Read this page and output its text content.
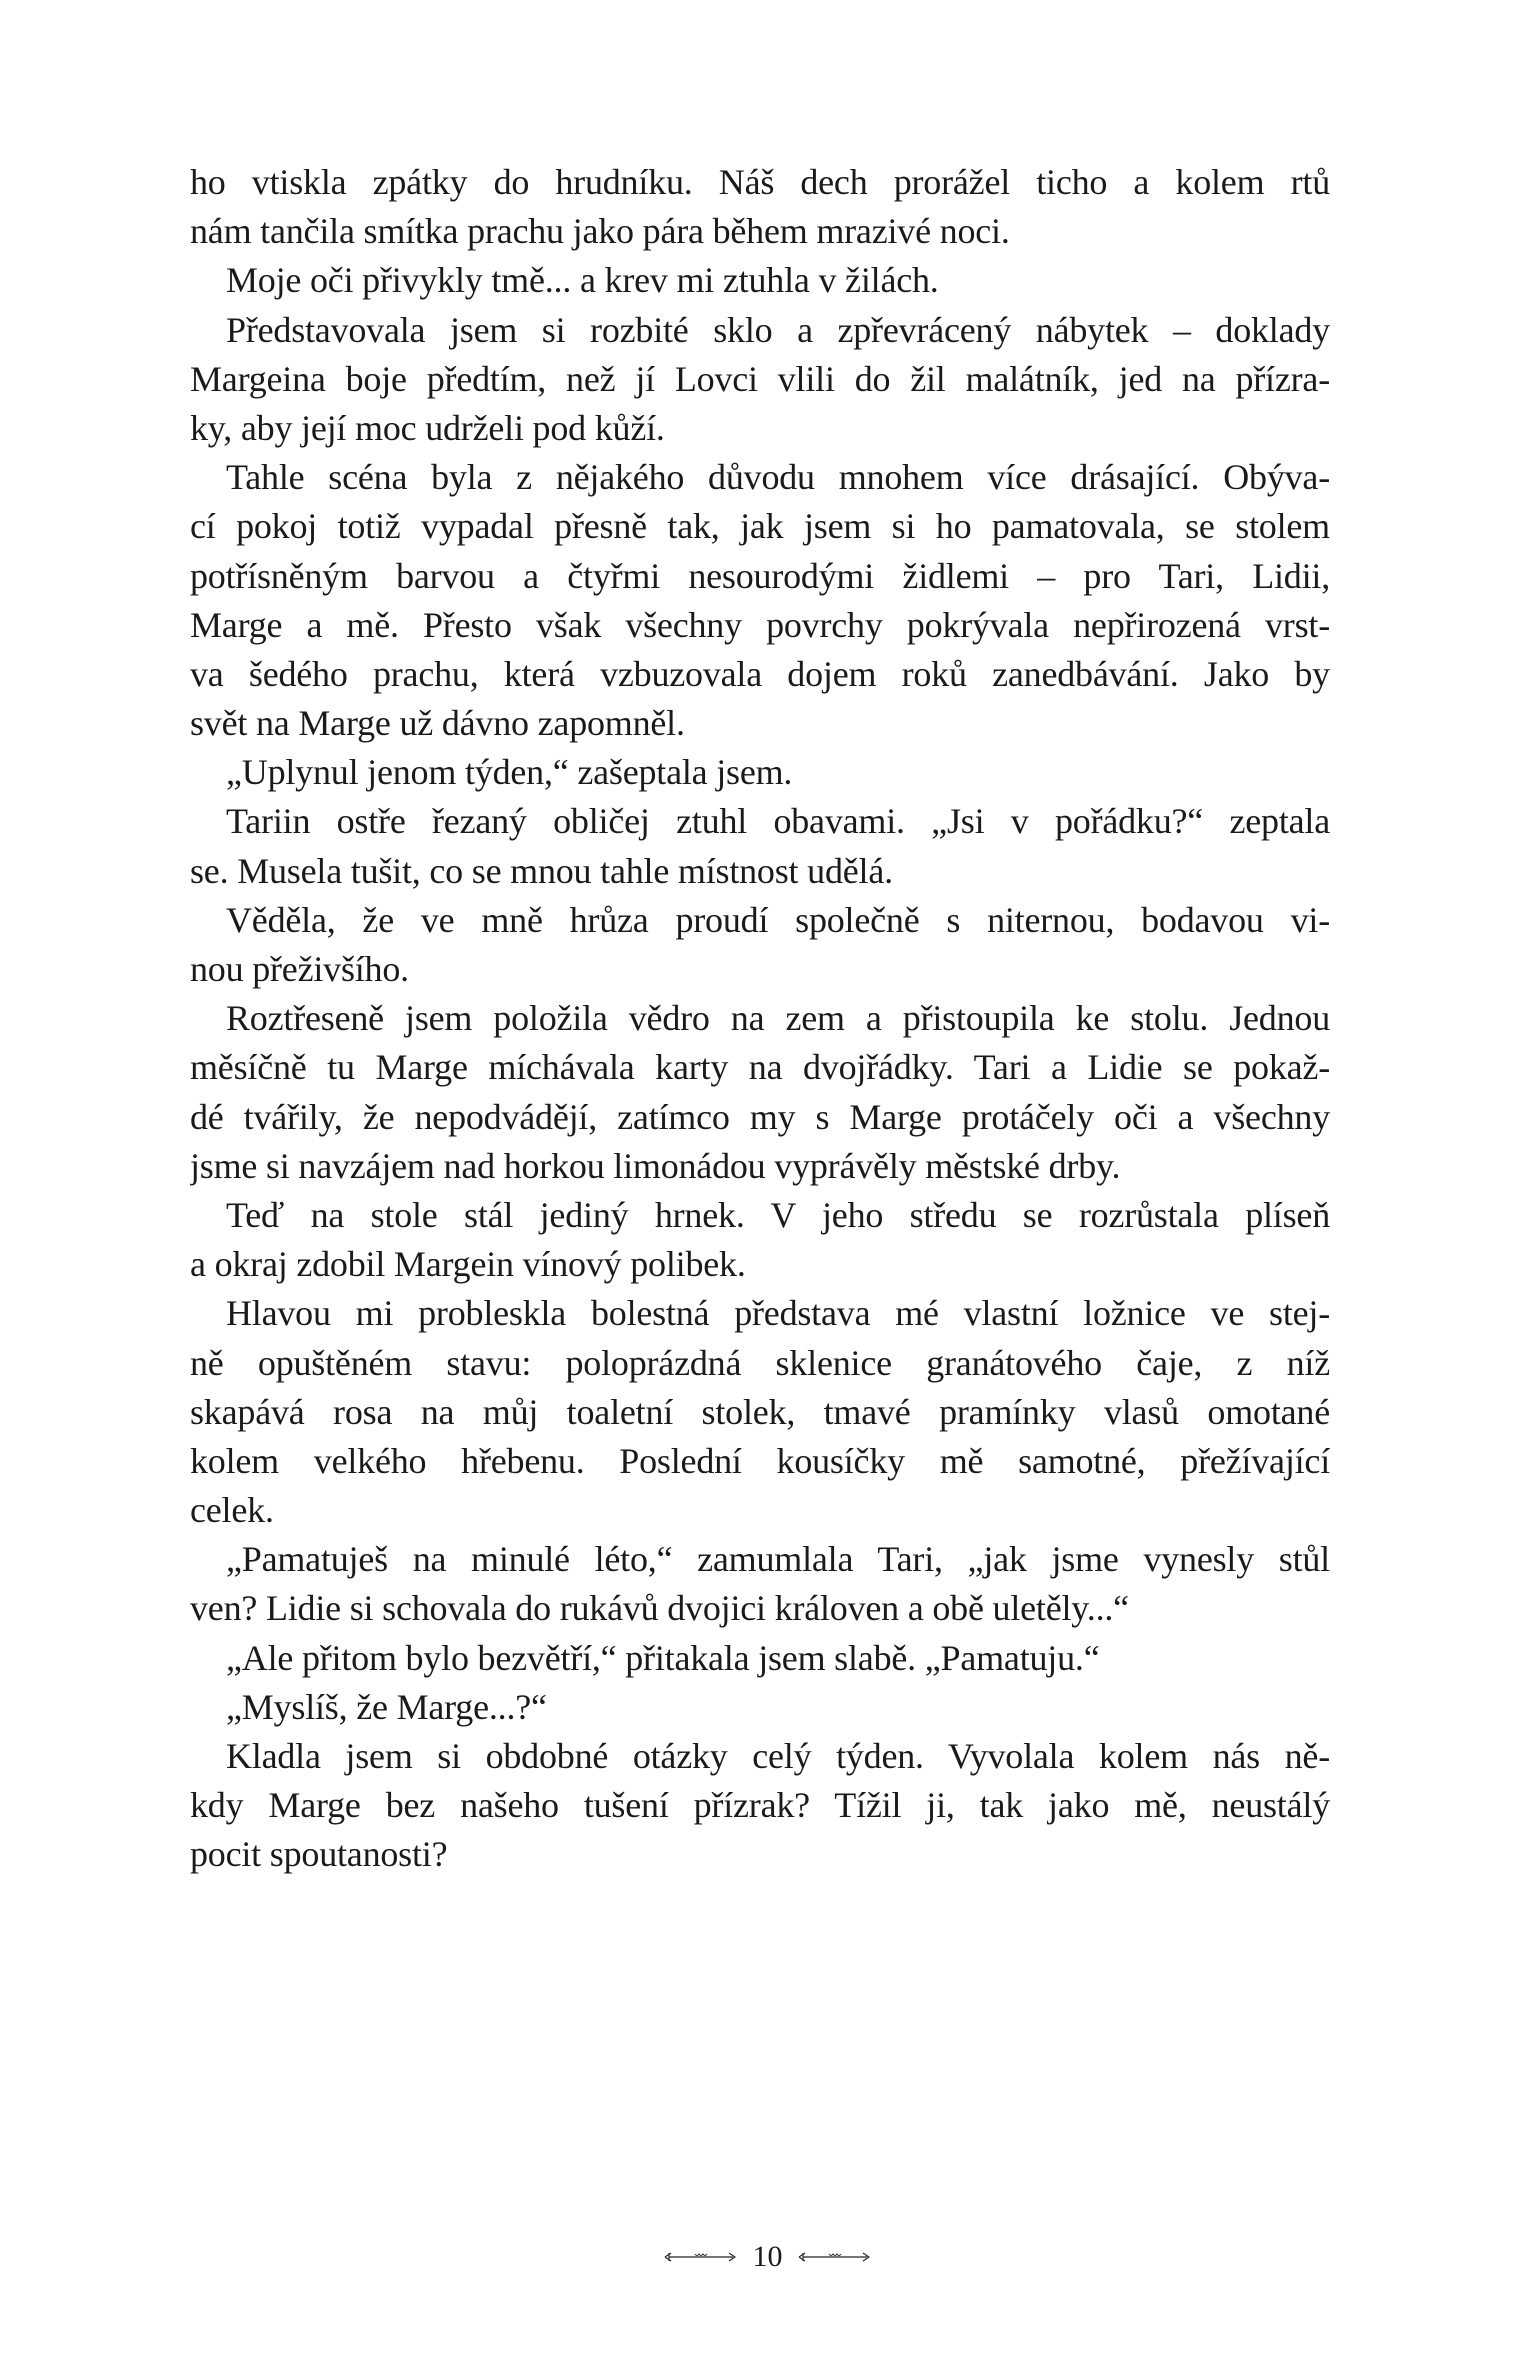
ho vtiskla zpátky do hrudníku. Náš dech prorážel ticho a kolem rtů
nám tančila smítka prachu jako pára během mrazivé noci.
Moje oči přivykly tmě... a krev mi ztuhla v žilách.
Představovala jsem si rozbité sklo a zpřevrácený nábytek – doklady
Margeina boje předtím, než jí Lovci vlili do žil malátník, jed na přízra-
ky, aby její moc udrželi pod kůží.
Tahle scéna byla z nějakého důvodu mnohem více drásající. Obýva-
cí pokoj totiž vypadal přesně tak, jak jsem si ho pamatovala, se stolem
potřísněným barvou a čtyřmi nesourodými židlemi – pro Tari, Lidii,
Marge a mě. Přesto však všechny povrchy pokrývala nepřirozená vrst-
va šedého prachu, která vzbuzovala dojem roků zanedbávání. Jako by
svět na Marge už dávno zapomněl.
„Uplynul jenom týden,“ zašeptala jsem.
Tariin ostře řezaný obličej ztuhl obavami. „Jsi v pořádku?“ zeptala
se. Musela tušit, co se mnou tahle místnost udělá.
Věděla, že ve mně hrůza proudí společně s niternou, bodavou vi-
nou přeživšího.
Roztřeseně jsem položila vědro na zem a přistoupila ke stolu. Jednou
měsíčně tu Marge míchávala karty na dvojřádky. Tari a Lidie se pokaž-
dé tvářily, že nepodvádějí, zatímco my s Marge protáčely oči a všechny
jsme si navzájem nad horkou limonádou vyprávěly městské drby.
Teď na stole stál jediný hrnek. V jeho středu se rozrůstala plíseň
a okraj zdobil Margein vínový polibek.
Hlavou mi probleskla bolestná představa mé vlastní ložnice ve stej-
ně opuštěném stavu: poloprázdná sklenice granátového čaje, z níž
skapává rosa na můj toaletní stolek, tmavé pramínky vlasů omotané
kolem velkého hřebenu. Poslední kousíčky mě samotné, přežívající
celek.
„Pamatuješ na minulé léto,“ zamumlala Tari, „jak jsme vynesly stůl
ven? Lidie si schovala do rukávů dvojici královen a obě uletěly...“
„Ale přitom bylo bezvětří,“ přitakala jsem slabě. „Pamatuju.“
„Myslíš, že Marge...?“
Kladla jsem si obdobné otázky celý týden. Vyvolala kolem nás ně-
kdy Marge bez našeho tušení přízrak? Tížil ji, tak jako mě, neustálý
pocit spoutanosti?
10
